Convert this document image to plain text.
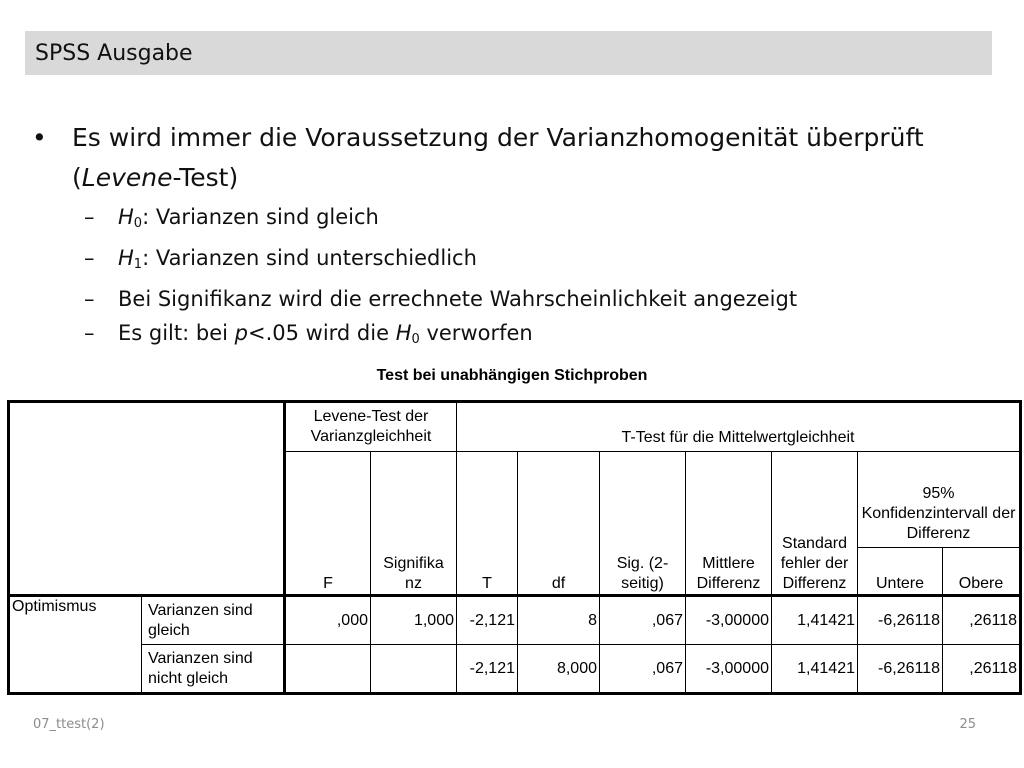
SPSS Ausgabe
• Es wird immer die Voraussetzung der Varianzhomogenität überprüft (Levene-Test)
– $H_0$: Varianzen sind gleich
– $H_1$: Varianzen sind unterschiedlich
– Bei Signifikanz wird die errechnete Wahrscheinlichkeit angezeigt
– Es gilt: bei p<.05 wird die $H_0$ verworfen
Test bei unabhängigen Stichproben
		Levene-Test der Varianzgleichheit		T-Test für die Mittelwertgleichheit						
		F	Signifika nz	T	df	Sig. (2-seitig)	Mittlere Differenz	Standard fehler der Differenz	95% Konfidenzintervall der Differenz	
									Untere	Obere
Optimismus	Varianzen sind gleich	,000	1,000	-2,121	8	,067	-3,00000	1,41421	-6,26118	,26118
	Varianzen sind nicht gleich			-2,121	8,000	,067	-3,00000	1,41421	-6,26118	,26118
07_ttest(2)	25
